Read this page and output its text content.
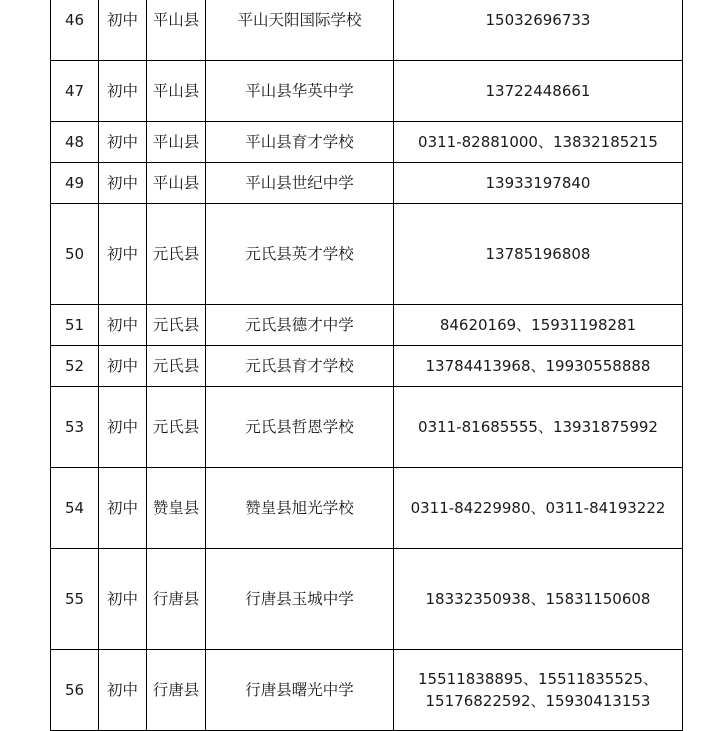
46	初中	平山县	平山天阳国际学校	15032696733

47	初中	平山县	平山县华英中学	13722448661

48	初中	平山县	平山县育才学校	0311-82881000、13832185215

49	初中	平山县	平山县世纪中学	13933197840

50	初中	元氏县	元氏县英才学校	13785196808

51	初中	元氏县	元氏县德才中学	84620169、15931198281

52	初中	元氏县	元氏县育才学校	13784413968、19930558888

53	初中	元氏县	元氏县哲恩学校	0311-81685555、13931875992

54	初中	赞皇县	赞皇县旭光学校	0311-84229980、0311-84193222

55	初中	行唐县	行唐县玉城中学	18332350938、15831150608

56	初中	行唐县	行唐县曙光中学	15511838895、15511835525、
15176822592、15930413153
